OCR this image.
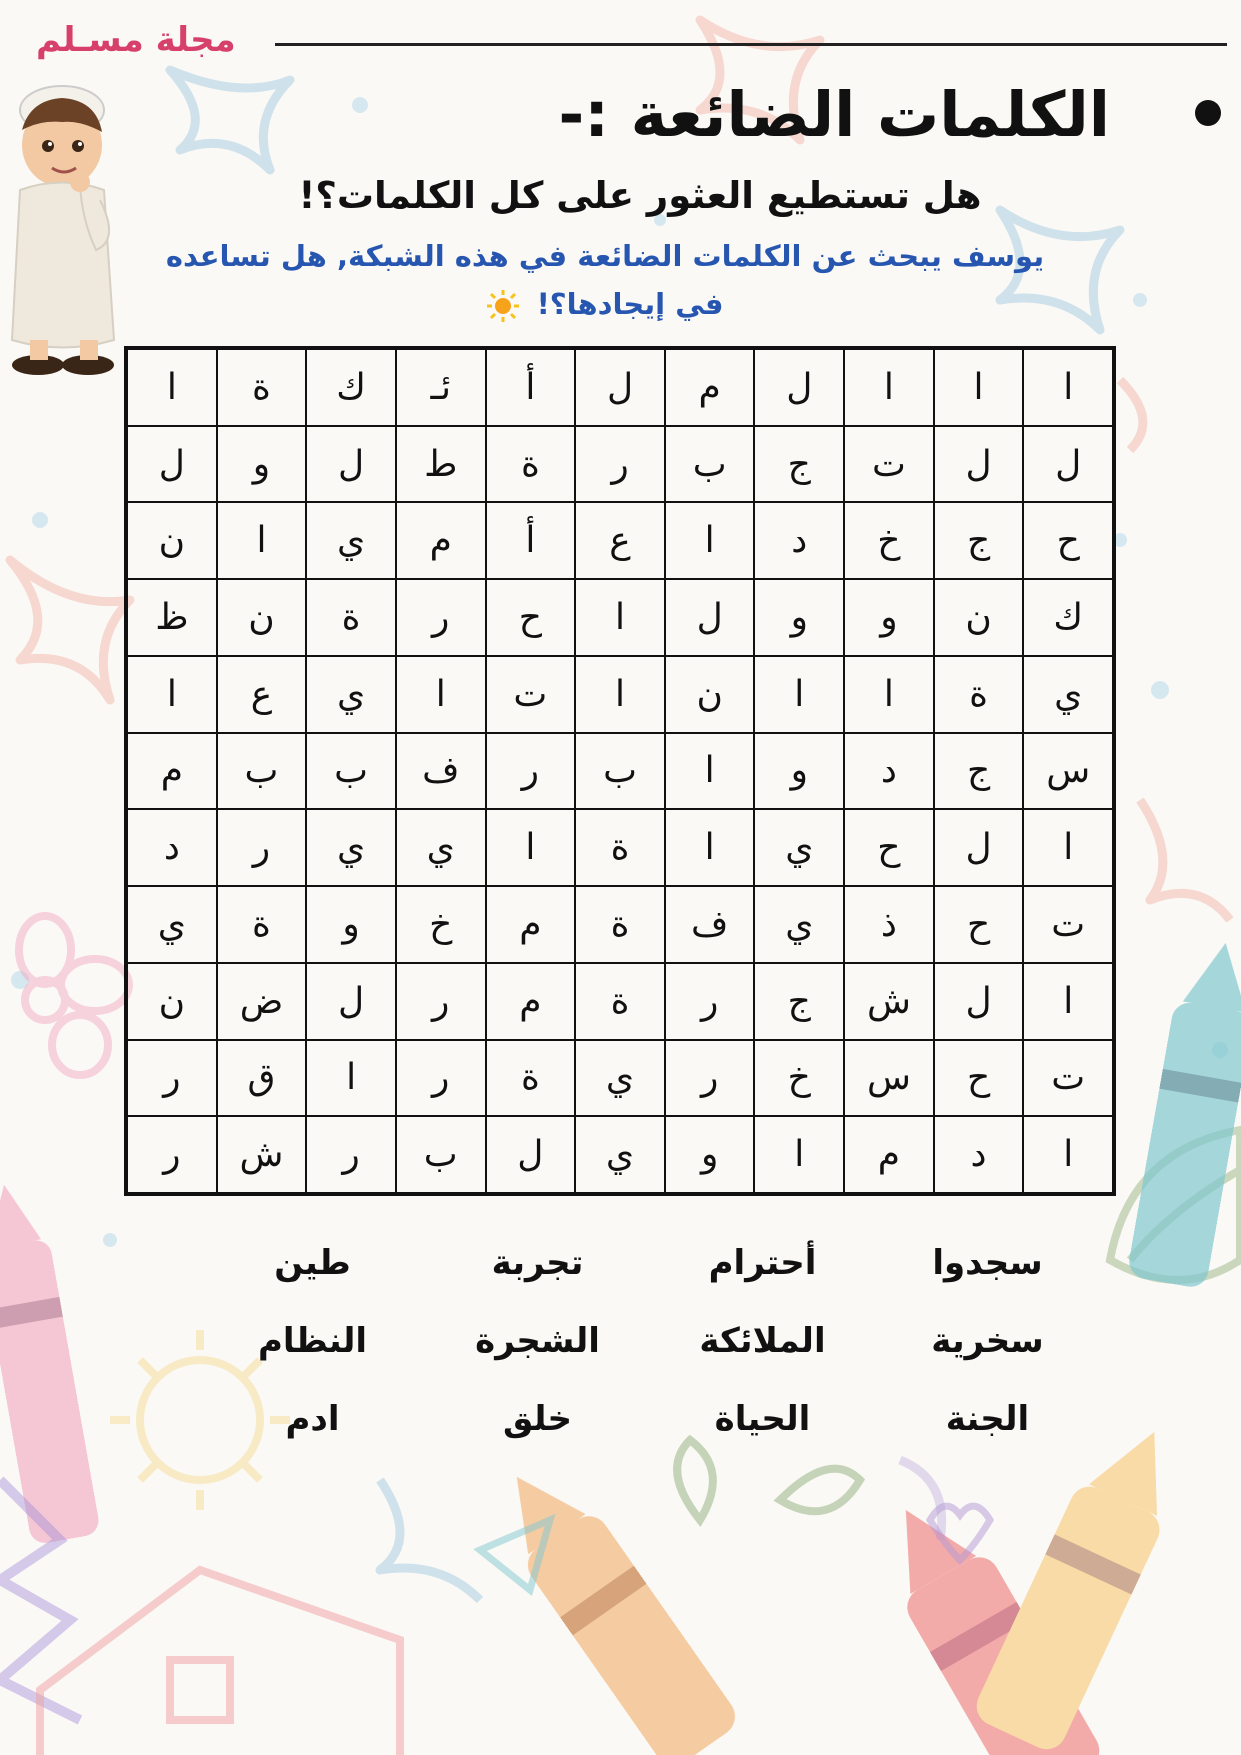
مجلة مسـلم
الكلمات الضائعة :-
هل تستطيع العثور على كل الكلمات؟!
يوسف يبحث عن الكلمات الضائعة في هذه الشبكة, هل تساعده في إيجادها؟!
ا
ا
ا
ل
م
ل
أ
ئـ
ك
ة
ا
ل
ل
ت
ج
ب
ر
ة
ط
ل
و
ل
ح
ج
خ
د
ا
ع
أ
م
ي
ا
ن
ك
ن
و
و
ل
ا
ح
ر
ة
ن
ظ
ي
ة
ا
ا
ن
ا
ت
ا
ي
ع
ا
س
ج
د
و
ا
ب
ر
ف
ب
ب
م
ا
ل
ح
ي
ا
ة
ا
ي
ي
ر
د
ت
ح
ذ
ي
ف
ة
م
خ
و
ة
ي
ا
ل
ش
ج
ر
ة
م
ر
ل
ض
ن
ت
ح
س
خ
ر
ي
ة
ر
ا
ق
ر
ا
د
م
ا
و
ي
ل
ب
ر
ش
ر
سجدوا
أحترام
تجربة
طين
سخرية
الملائكة
الشجرة
النظام
الجنة
الحياة
خلق
ادم
